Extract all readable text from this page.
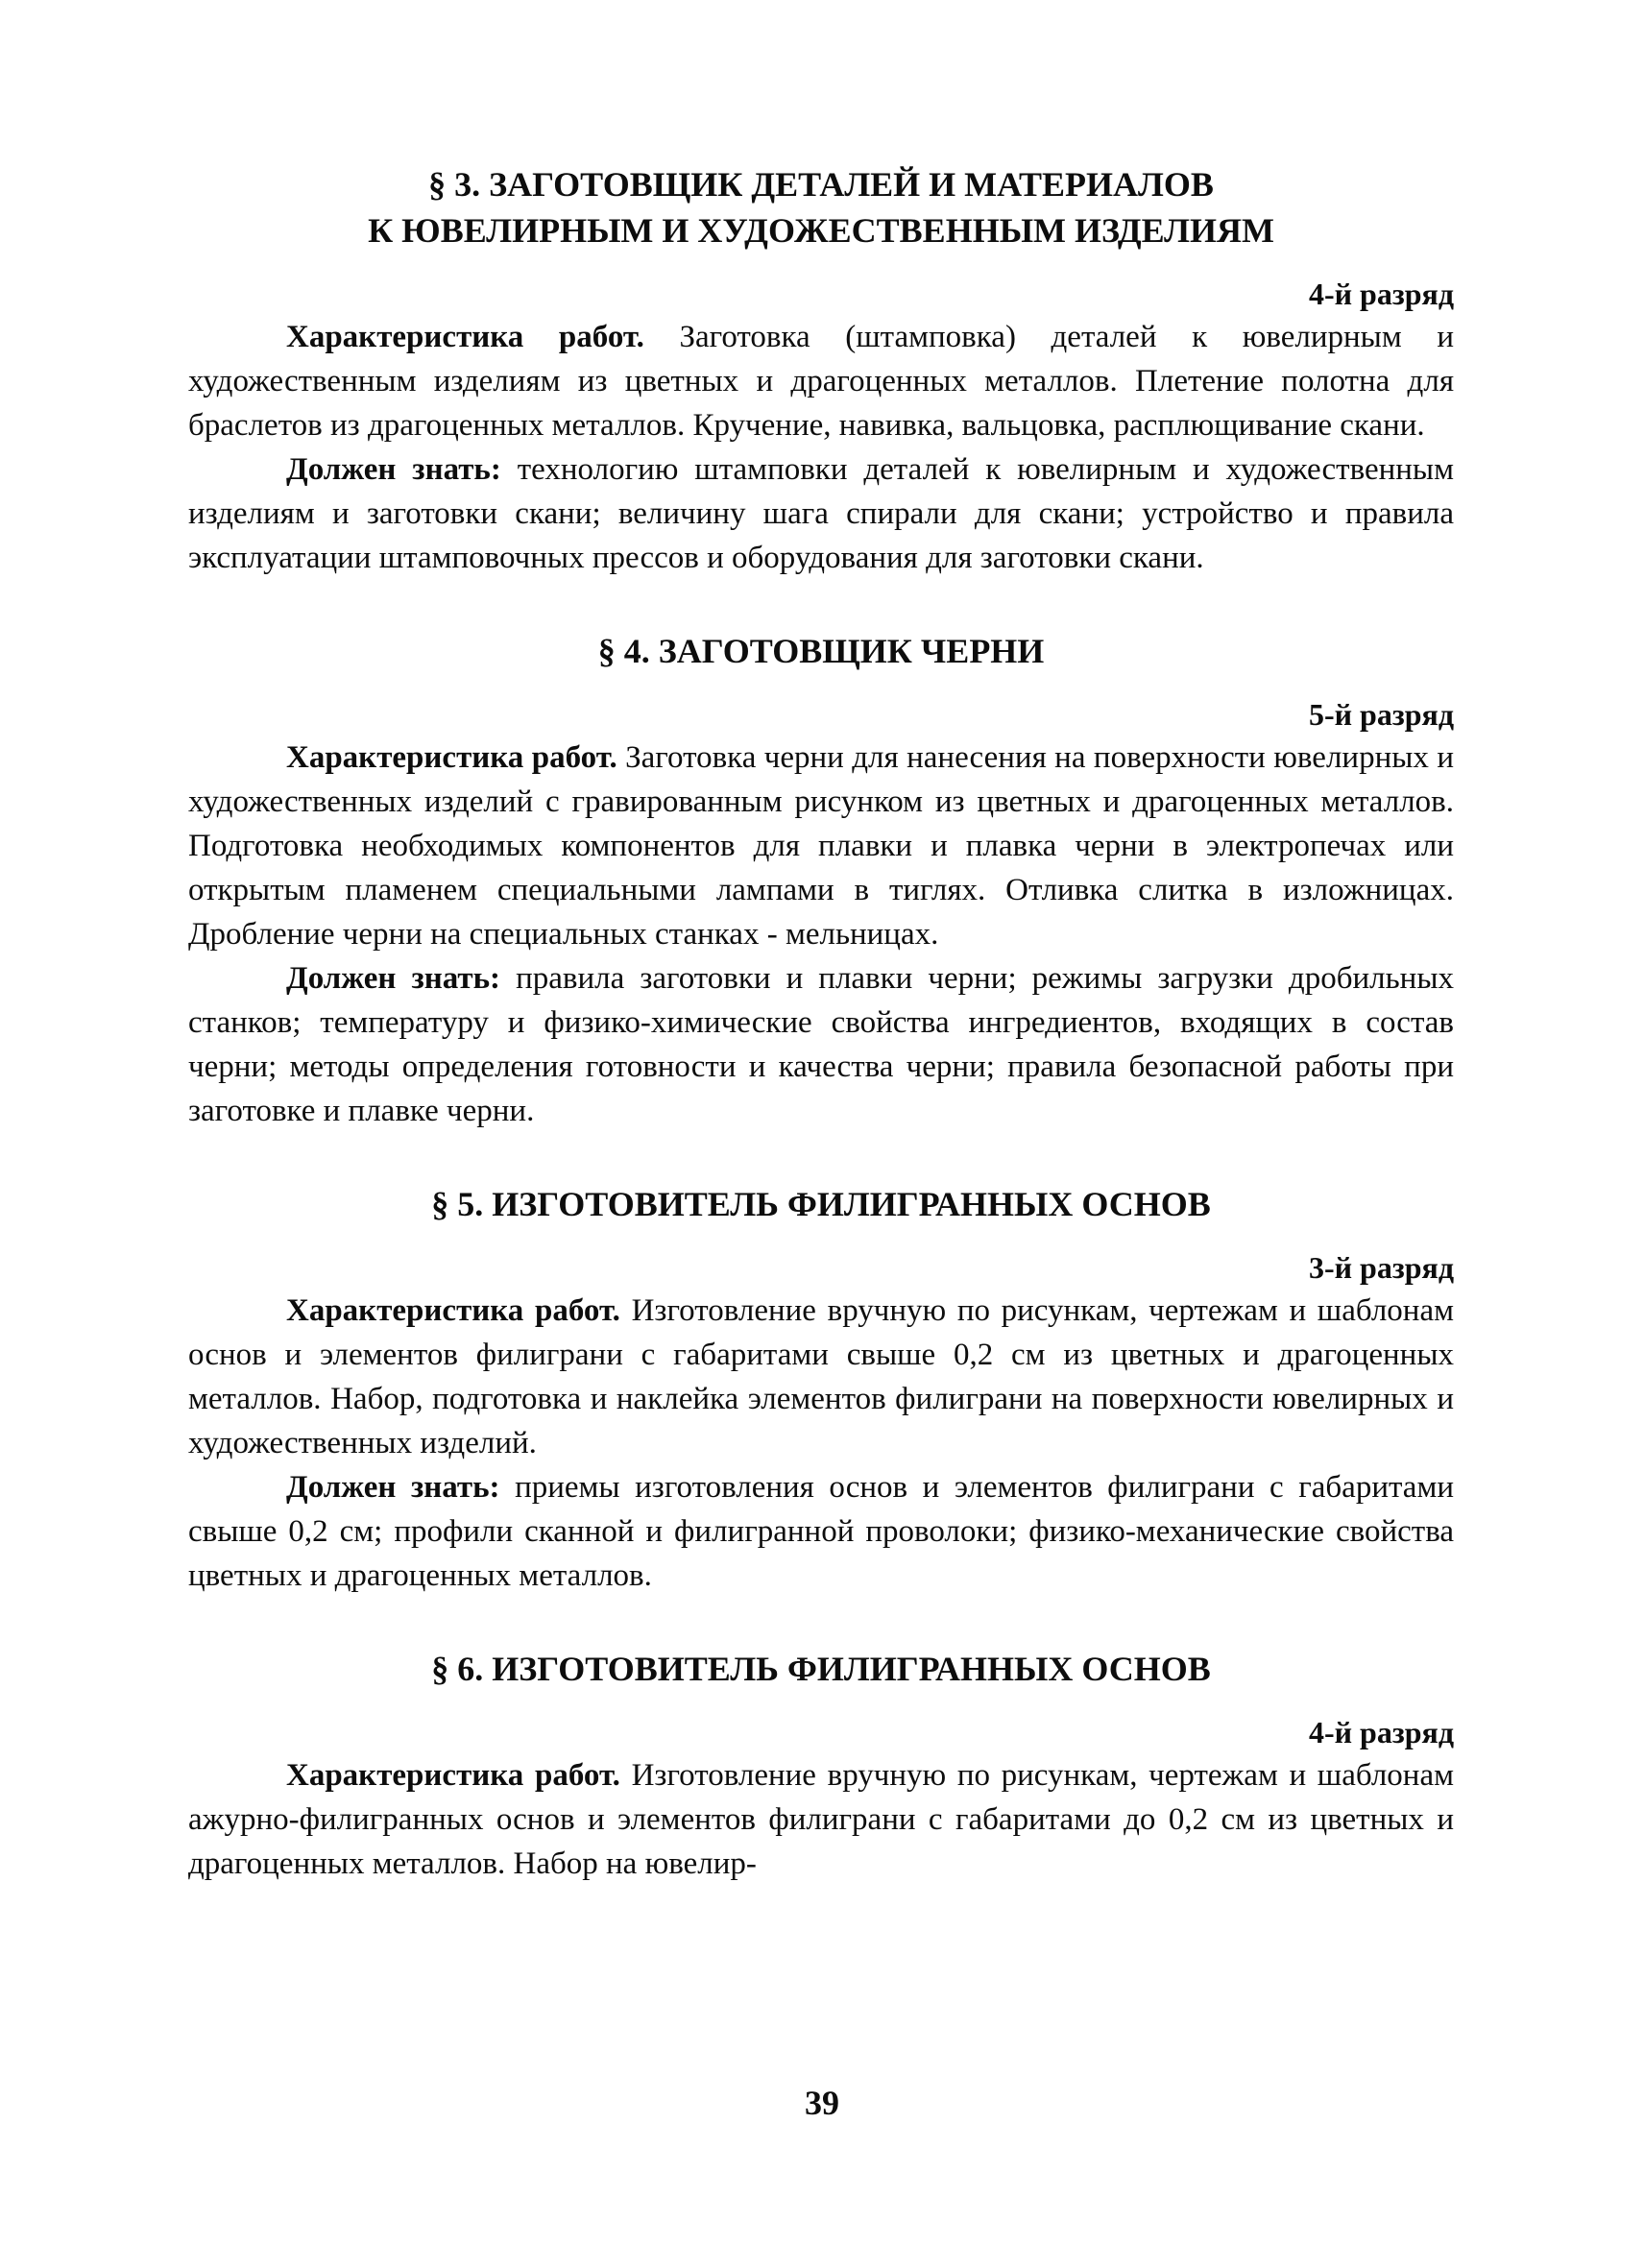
§ 3. ЗАГОТОВЩИК ДЕТАЛЕЙ И МАТЕРИАЛОВ
К ЮВЕЛИРНЫМ И ХУДОЖЕСТВЕННЫМ ИЗДЕЛИЯМ

4-й разряд

Характеристика работ. Заготовка (штамповка) деталей к ювелирным и художественным изделиям из цветных и драгоценных металлов. Плетение полотна для браслетов из драгоценных металлов. Кручение, навивка, вальцовка, расплющивание скани.

Должен знать: технологию штамповки деталей к ювелирным и художественным изделиям и заготовки скани; величину шага спирали для скани; устройство и правила эксплуатации штамповочных прессов и оборудования для заготовки скани.

§ 4. ЗАГОТОВЩИК ЧЕРНИ

5-й разряд

Характеристика работ. Заготовка черни для нанесения на поверхности ювелирных и художественных изделий с гравированным рисунком из цветных и драгоценных металлов. Подготовка необходимых компонентов для плавки и плавка черни в электропечах или открытым пламенем специальными лампами в тиглях. Отливка слитка в изложницах. Дробление черни на специальных станках - мельницах.

Должен знать: правила заготовки и плавки черни; режимы загрузки дробильных станков; температуру и физико-химические свойства ингредиентов, входящих в состав черни; методы определения готовности и качества черни; правила безопасной работы при заготовке и плавке черни.

§ 5. ИЗГОТОВИТЕЛЬ ФИЛИГРАННЫХ ОСНОВ

3-й разряд

Характеристика работ. Изготовление вручную по рисункам, чертежам и шаблонам основ и элементов филиграни с габаритами свыше 0,2 см из цветных и драгоценных металлов. Набор, подготовка и наклейка элементов филиграни на поверхности ювелирных и художественных изделий.

Должен знать: приемы изготовления основ и элементов филиграни с габаритами свыше 0,2 см; профили сканной и филигранной проволоки; физико-механические свойства цветных и драгоценных металлов.

§ 6. ИЗГОТОВИТЕЛЬ ФИЛИГРАННЫХ ОСНОВ

4-й разряд

Характеристика работ. Изготовление вручную по рисункам, чертежам и шаблонам ажурно-филигранных основ и элементов филиграни с габаритами до 0,2 см из цветных и драгоценных металлов. Набор на ювелир-

39
